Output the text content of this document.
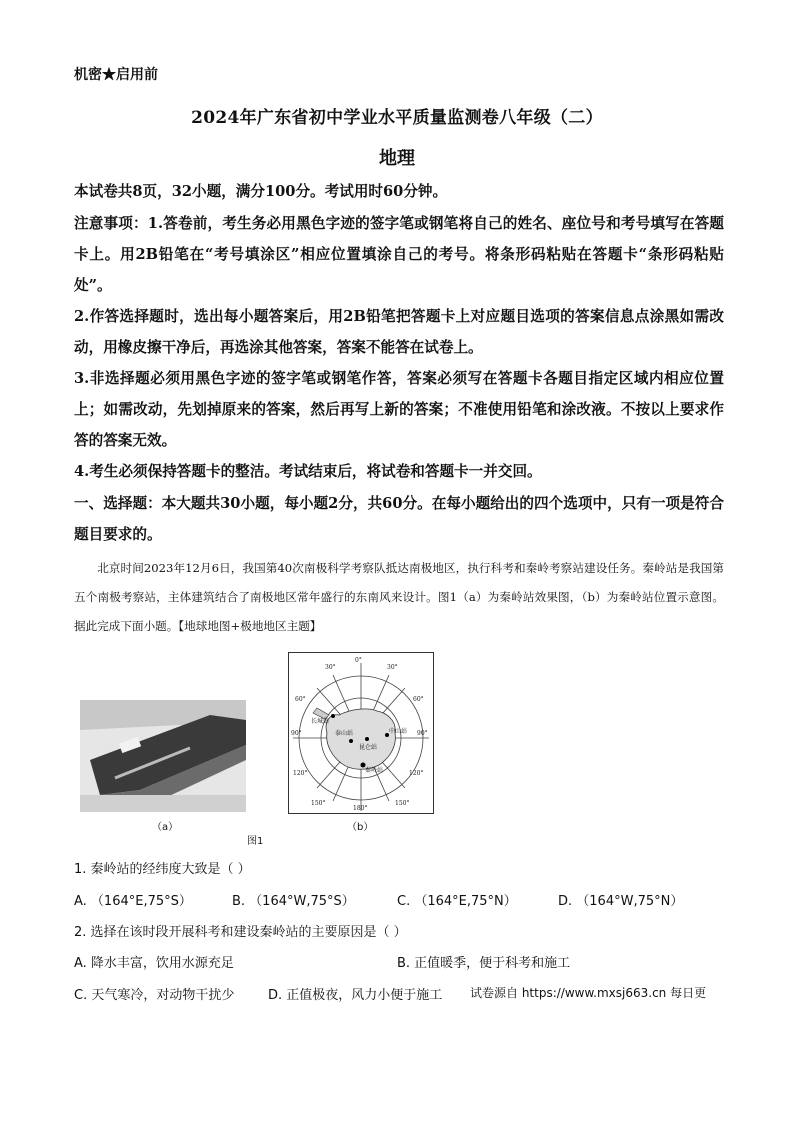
机密★启用前
2024年广东省初中学业水平质量监测卷八年级（二）
地理
本试卷共8页，32小题，满分100分。考试用时60分钟。

注意事项：1.答卷前，考生务必用黑色字迹的签字笔或钢笔将自己的姓名、座位号和考号填写在答题卡上。用2B铅笔在“考号填涂区”相应位置填涂自己的考号。将条形码粘贴在答题卡“条形码粘贴处”。

2.作答选择题时，选出每小题答案后，用2B铅笔把答题卡上对应题目选项的答案信息点涂黑如需改动，用橡皮擦干净后，再选涂其他答案，答案不能答在试卷上。

3.非选择题必须用黑色字迹的签字笔或钢笔作答，答案必须写在答题卡各题目指定区域内相应位置上；如需改动，先划掉原来的答案，然后再写上新的答案；不准使用铅笔和涂改液。不按以上要求作答的答案无效。

4.考生必须保持答题卡的整洁。考试结束后，将试卷和答题卡一并交回。

一、选择题：本大题共30小题，每小题2分，共60分。在每小题给出的四个选项中，只有一项是符合题目要求的。
北京时间2023年12月6日，我国第40次南极科学考察队抵达南极地区，执行科考和秦岭考察站建设任务。秦岭站是我国第五个南极考察站，主体建筑结合了南极地区常年盛行的东南风来设计。图1（a）为秦岭站效果图，（b）为秦岭站位置示意图。据此完成下面小题。【地球地图+极地地区主题】
（a）
0°
30°	30°
60°	60°
90°	90°
120°	120°
150°	150°
180°
长城站
中山站
昆仑站
泰山站
秦岭站
（b）
图1
1. 秦岭站的经纬度大致是（ ）
A. （164°E,75°S）	B. （164°W,75°S）	C. （164°E,75°N）	D. （164°W,75°N）
2. 选择在该时段开展科考和建设秦岭站的主要原因是（ ）
A. 降水丰富，饮用水源充足	B. 正值暖季，便于科考和施工
C. 天气寒冷，对动物干扰少	D. 正值极夜，风力小便于施工 试卷源自 https://www.mxsj663.cn 每日更
